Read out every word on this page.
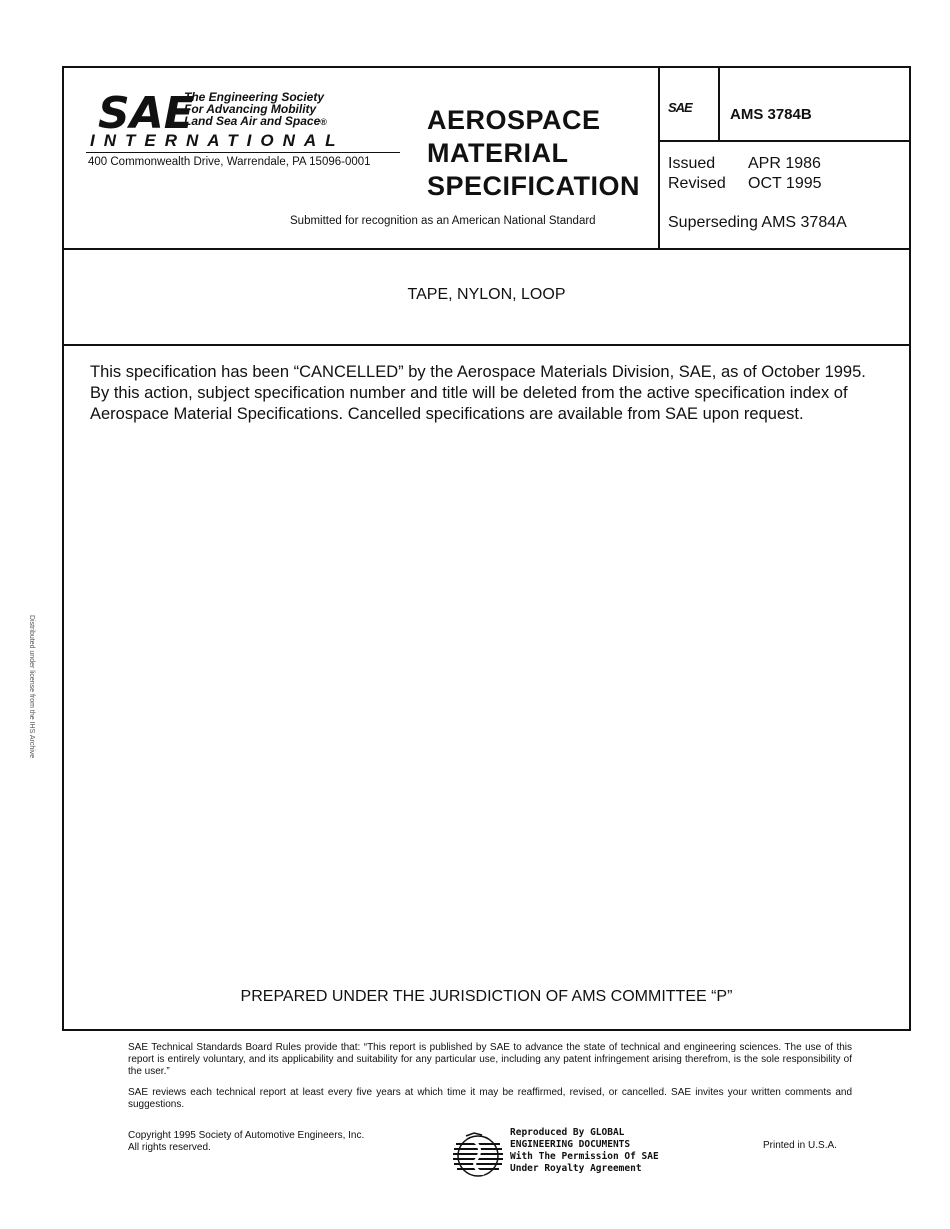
Distributed under license from the IHS Archive
SAE
The Engineering Society
For Advancing Mobility
Land Sea Air and Space®
INTERNATIONAL
400 Commonwealth Drive, Warrendale, PA 15096-0001
AEROSPACE
MATERIAL
SPECIFICATION
Submitted for recognition as an American National Standard
SAE	AMS 3784B
Issued	APR 1986
Revised	OCT 1995
Superseding AMS 3784A
TAPE, NYLON, LOOP
This specification has been “CANCELLED” by the Aerospace Materials Division, SAE, as of October 1995. By this action, subject specification number and title will be deleted from the active specification index of Aerospace Material Specifications. Cancelled specifications are available from SAE upon request.
PREPARED UNDER THE JURISDICTION OF AMS COMMITTEE “P”

SAE Technical Standards Board Rules provide that: “This report is published by SAE to advance the state of technical and engineering sciences. The use of this report is entirely voluntary, and its applicability and suitability for any particular use, including any patent infringement arising therefrom, is the sole responsibility of the user.”

SAE reviews each technical report at least every five years at which time it may be reaffirmed, revised, or cancelled. SAE invites your written comments and suggestions.

Copyright 1995 Society of Automotive Engineers, Inc.
All rights reserved.
Reproduced By GLOBAL
ENGINEERING DOCUMENTS
With The Permission Of SAE
Under Royalty Agreement
Printed in U.S.A.
